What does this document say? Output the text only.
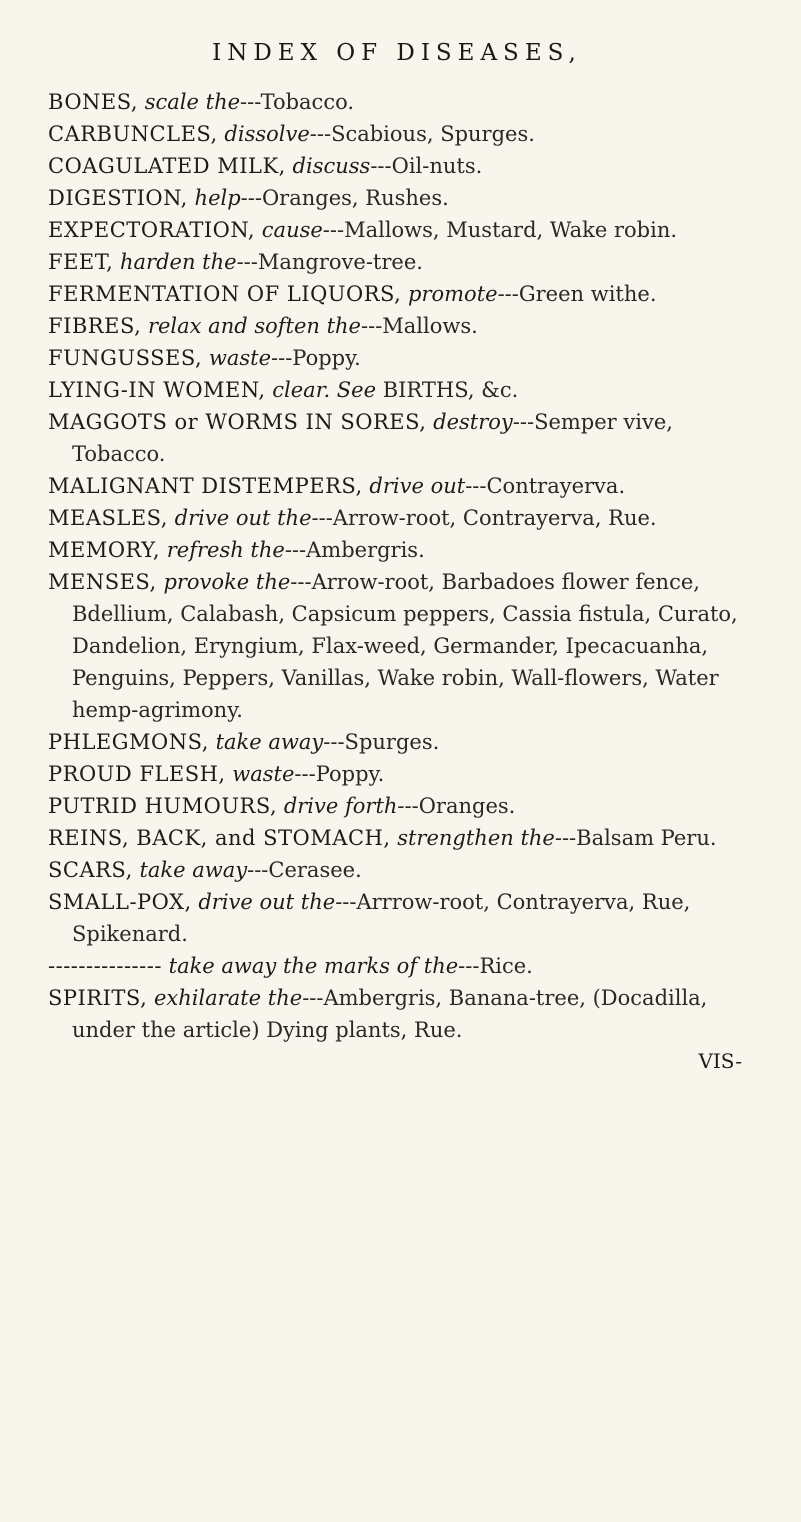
INDEX OF DISEASES,

BONES, scale the---Tobacco.

CARBUNCLES, dissolve---Scabious, Spurges.

COAGULATED MILK, discuss---Oil-nuts.

DIGESTION, help---Oranges, Rushes.

EXPECTORATION, cause---Mallows, Mustard, Wake robin.

FEET, harden the---Mangrove-tree.

FERMENTATION OF LIQUORS, promote---Green withe.

FIBRES, relax and soften the---Mallows.

FUNGUSSES, waste---Poppy.

LYING-IN WOMEN, clear. See BIRTHS, &c.

MAGGOTS or WORMS IN SORES, destroy---Semper vive, Tobacco.

MALIGNANT DISTEMPERS, drive out---Contrayerva.

MEASLES, drive out the---Arrow-root, Contrayerva, Rue.

MEMORY, refresh the---Ambergris.

MENSES, provoke the---Arrow-root, Barbadoes flower fence, Bdellium, Calabash, Capsicum peppers, Cassia fistula, Curato, Dandelion, Eryngium, Flax-weed, Germander, Ipecacuanha, Penguins, Peppers, Vanillas, Wake robin, Wall-flowers, Water hemp-agrimony.

PHLEGMONS, take away---Spurges.

PROUD FLESH, waste---Poppy.

PUTRID HUMOURS, drive forth---Oranges.

REINS, BACK, and STOMACH, strengthen the---Balsam Peru.

SCARS, take away---Cerasee.

SMALL-POX, drive out the---Arrrow-root, Contrayerva, Rue, Spikenard.

--------------- take away the marks of the---Rice.

SPIRITS, exhilarate the---Ambergris, Banana-tree, (Docadilla, under the article) Dying plants, Rue.

VIS-
